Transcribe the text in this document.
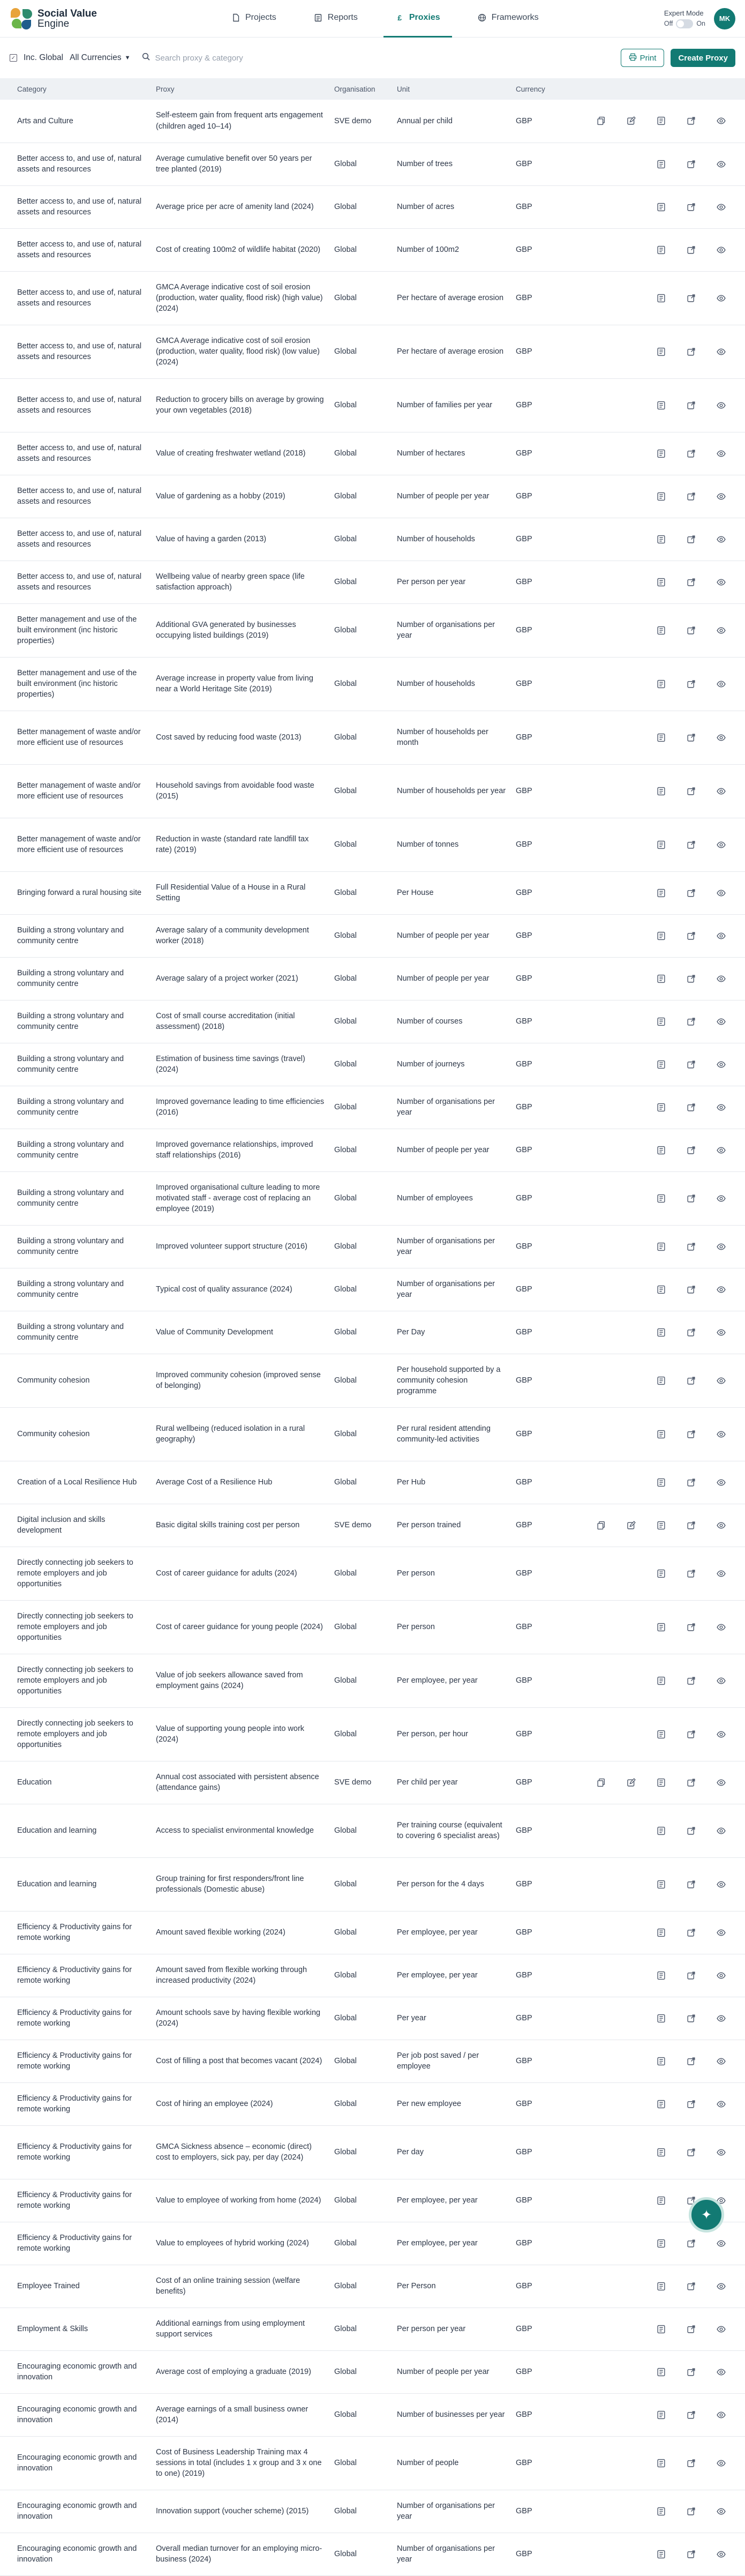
Social Value
Engine
Projects	Reports	£ Proxies	Frameworks	Expert Mode
Off	On
MK
✓ Inc. Global All Currencies ▼
Search proxy & category	Print	Create Proxy
Category	Proxy	Organisation	Unit	Currency	
Arts and Culture	Self-esteem gain from frequent arts engagement (children aged 10–14)	SVE demo	Annual per child	GBP	

Better access to, and use of, natural assets and resources	Average cumulative benefit over 50 years per tree planted (2019)	Global	Number of trees	GBP	

Better access to, and use of, natural assets and resources	Average price per acre of amenity land (2024)	Global	Number of acres	GBP	

Better access to, and use of, natural assets and resources	Cost of creating 100m2 of wildlife habitat (2020)	Global	Number of 100m2	GBP	

Better access to, and use of, natural assets and resources	GMCA Average indicative cost of soil erosion (production, water quality, flood risk) (high value) (2024)	Global	Per hectare of average erosion	GBP	

Better access to, and use of, natural assets and resources	GMCA Average indicative cost of soil erosion (production, water quality, flood risk) (low value) (2024)	Global	Per hectare of average erosion	GBP	

Better access to, and use of, natural assets and resources	Reduction to grocery bills on average by growing your own vegetables (2018)	Global	Number of families per year	GBP	

Better access to, and use of, natural assets and resources	Value of creating freshwater wetland (2018)	Global	Number of hectares	GBP	

Better access to, and use of, natural assets and resources	Value of gardening as a hobby (2019)	Global	Number of people per year	GBP	

Better access to, and use of, natural assets and resources	Value of having a garden (2013)	Global	Number of households	GBP	

Better access to, and use of, natural assets and resources	Wellbeing value of nearby green space (life satisfaction approach)	Global	Per person per year	GBP	

Better management and use of the built environment (inc historic properties)	Additional GVA generated by businesses occupying listed buildings (2019)	Global	Number of organisations per year	GBP	

Better management and use of the built environment (inc historic properties)	Average increase in property value from living near a World Heritage Site (2019)	Global	Number of households	GBP	

Better management of waste and/or more efficient use of resources	Cost saved by reducing food waste (2013)	Global	Number of households per month	GBP	

Better management of waste and/or more efficient use of resources	Household savings from avoidable food waste (2015)	Global	Number of households per year	GBP	

Better management of waste and/or more efficient use of resources	Reduction in waste (standard rate landfill tax rate) (2019)	Global	Number of tonnes	GBP	

Bringing forward a rural housing site	Full Residential Value of a House in a Rural Setting	Global	Per House	GBP	

Building a strong voluntary and community centre	Average salary of a community development worker (2018)	Global	Number of people per year	GBP	

Building a strong voluntary and community centre	Average salary of a project worker (2021)	Global	Number of people per year	GBP	

Building a strong voluntary and community centre	Cost of small course accreditation (initial assessment) (2018)	Global	Number of courses	GBP	

Building a strong voluntary and community centre	Estimation of business time savings (travel) (2024)	Global	Number of journeys	GBP	

Building a strong voluntary and community centre	Improved governance leading to time efficiencies (2016)	Global	Number of organisations per year	GBP	

Building a strong voluntary and community centre	Improved governance relationships, improved staff relationships (2016)	Global	Number of people per year	GBP	

Building a strong voluntary and community centre	Improved organisational culture leading to more motivated staff - average cost of replacing an employee (2019)	Global	Number of employees	GBP	

Building a strong voluntary and community centre	Improved volunteer support structure (2016)	Global	Number of organisations per year	GBP	

Building a strong voluntary and community centre	Typical cost of quality assurance (2024)	Global	Number of organisations per year	GBP	

Building a strong voluntary and community centre	Value of Community Development	Global	Per Day	GBP	

Community cohesion	Improved community cohesion (improved sense of belonging)	Global	Per household supported by a community cohesion programme	GBP	

Community cohesion	Rural wellbeing (reduced isolation in a rural geography)	Global	Per rural resident attending community-led activities	GBP	

Creation of a Local Resilience Hub	Average Cost of a Resilience Hub	Global	Per Hub	GBP	

Digital inclusion and skills development	Basic digital skills training cost per person	SVE demo	Per person trained	GBP	

Directly connecting job seekers to remote employers and job opportunities	Cost of career guidance for adults (2024)	Global	Per person	GBP	

Directly connecting job seekers to remote employers and job opportunities	Cost of career guidance for young people (2024)	Global	Per person	GBP	

Directly connecting job seekers to remote employers and job opportunities	Value of job seekers allowance saved from employment gains (2024)	Global	Per employee, per year	GBP	

Directly connecting job seekers to remote employers and job opportunities	Value of supporting young people into work (2024)	Global	Per person, per hour	GBP	

Education	Annual cost associated with persistent absence (attendance gains)	SVE demo	Per child per year	GBP	

Education and learning	Access to specialist environmental knowledge	Global	Per training course (equivalent to covering 6 specialist areas)	GBP	

Education and learning	Group training for first responders/front line professionals (Domestic abuse)	Global	Per person for the 4 days	GBP	

Efficiency & Productivity gains for remote working	Amount saved flexible working (2024)	Global	Per employee, per year	GBP	

Efficiency & Productivity gains for remote working	Amount saved from flexible working through increased productivity (2024)	Global	Per employee, per year	GBP	

Efficiency & Productivity gains for remote working	Amount schools save by having flexible working (2024)	Global	Per year	GBP	

Efficiency & Productivity gains for remote working	Cost of filling a post that becomes vacant (2024)	Global	Per job post saved / per employee	GBP	

Efficiency & Productivity gains for remote working	Cost of hiring an employee (2024)	Global	Per new employee	GBP	

Efficiency & Productivity gains for remote working	GMCA Sickness absence – economic (direct) cost to employers, sick pay, per day (2024)	Global	Per day	GBP	

Efficiency & Productivity gains for remote working	Value to employee of working from home (2024)	Global	Per employee, per year	GBP	

Efficiency & Productivity gains for remote working	Value to employees of hybrid working (2024)	Global	Per employee, per year	GBP	

Employee Trained	Cost of an online training session (welfare benefits)	Global	Per Person	GBP	

Employment & Skills	Additional earnings from using employment support services	Global	Per person per year	GBP	

Encouraging economic growth and innovation	Average cost of employing a graduate (2019)	Global	Number of people per year	GBP	

Encouraging economic growth and innovation	Average earnings of a small business owner (2014)	Global	Number of businesses per year	GBP	

Encouraging economic growth and innovation	Cost of Business Leadership Training max 4 sessions in total (includes 1 x group and 3 x one to one) (2019)	Global	Number of people	GBP	

Encouraging economic growth and innovation	Innovation support (voucher scheme) (2015)	Global	Number of organisations per year	GBP	

Encouraging economic growth and innovation	Overall median turnover for an employing micro-business (2024)	Global	Number of organisations per year	GBP	
✦
